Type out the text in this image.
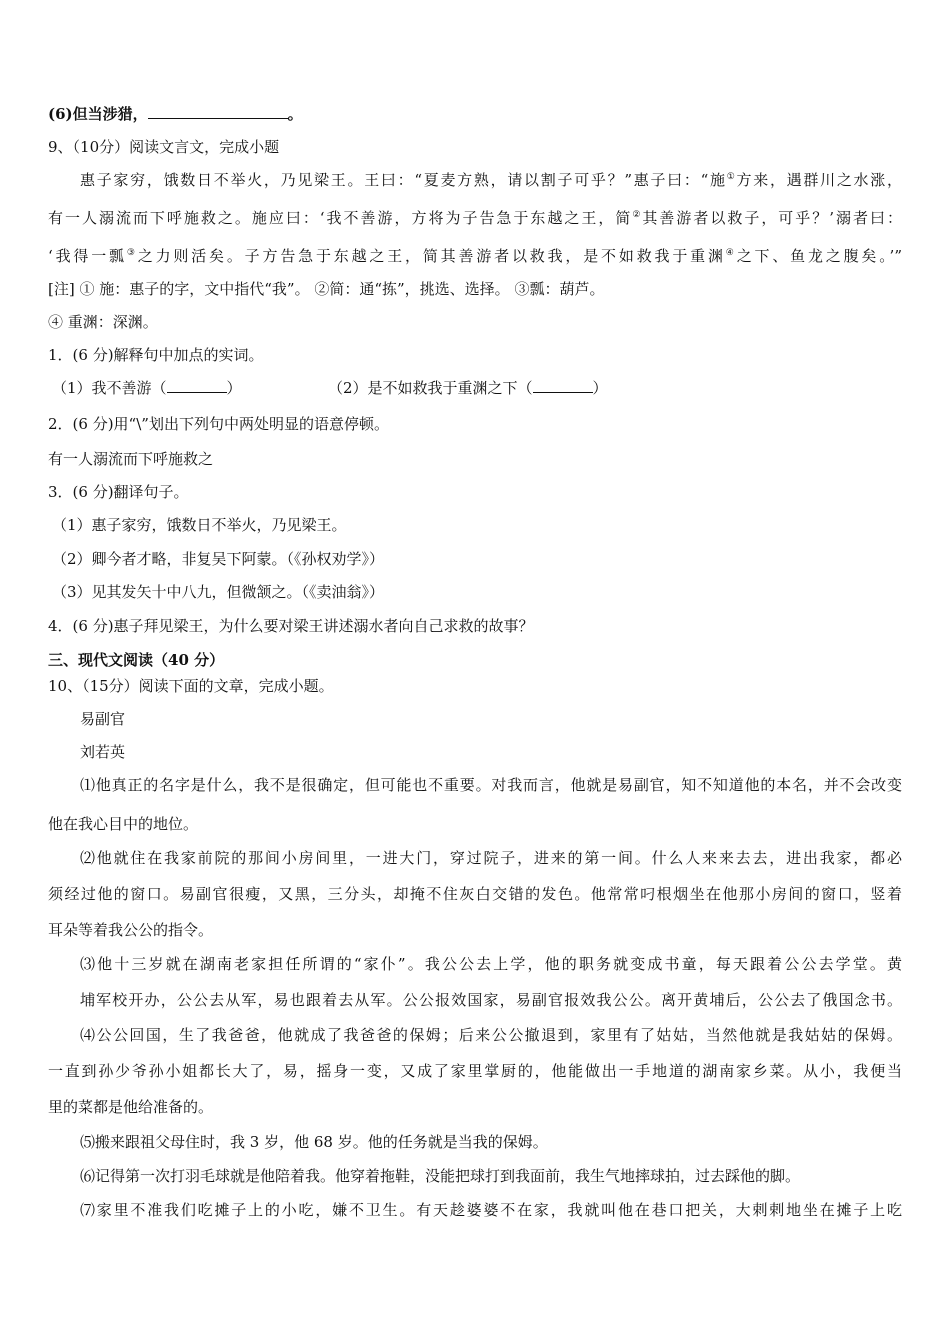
(6)但当涉猎，	。
9、（10分）阅读文言文，完成小题
惠子家穷，饿数日不举火，乃见梁王。王曰：“夏麦方熟，请以割子可乎？”惠子曰：“施①方来，遇群川之水涨，
有一人溺流而下呼施救之。施应曰：‘我不善游，方将为子告急于东越之王，简②其善游者以救子，可乎？’溺者曰：
‘我得一瓢③之力则活矣。子方告急于东越之王，简其善游者以救我，是不如救我于重渊④之下、鱼龙之腹矣。’”
[注] ① 施：惠子的字，文中指代“我”。 ②简：通“拣”，挑选、选择。 ③瓢：葫芦。
④ 重渊：深渊。
1．(6 分)解释句中加点的实词。
（1）我不善游（	）	（2）是不如救我于重渊之下（	）
2．(6 分)用“\”划出下列句中两处明显的语意停顿。
有一人溺流而下呼施救之
3．(6 分)翻译句子。
（1）惠子家穷，饿数日不举火，乃见梁王。
（2）卿今者才略，非复吴下阿蒙。（《孙权劝学》）
（3）见其发矢十中八九，但微颔之。（《卖油翁》）
4．(6 分)惠子拜见梁王，为什么要对梁王讲述溺水者向自己求救的故事？
三、现代文阅读（40 分）
10、（15分）阅读下面的文章，完成小题。
易副官
刘若英
⑴他真正的名字是什么，我不是很确定，但可能也不重要。对我而言，他就是易副官，知不知道他的本名，并不会改变
他在我心目中的地位。
⑵他就住在我家前院的那间小房间里，一进大门，穿过院子，进来的第一间。什么人来来去去，进出我家，都必
须经过他的窗口。易副官很瘦，又黑，三分头，却掩不住灰白交错的发色。他常常叼根烟坐在他那小房间的窗口，竖着
耳朵等着我公公的指令。
⑶他十三岁就在湖南老家担任所谓的“家仆”。我公公去上学，他的职务就变成书童，每天跟着公公去学堂。黄
埔军校开办，公公去从军，易也跟着去从军。公公报效国家，易副官报效我公公。离开黄埔后，公公去了俄国念书。
⑷公公回国，生了我爸爸，他就成了我爸爸的保姆；后来公公撤退到，家里有了姑姑，当然他就是我姑姑的保姆。
一直到孙少爷孙小姐都长大了，易，摇身一变，又成了家里掌厨的，他能做出一手地道的湖南家乡菜。从小，我便当
里的菜都是他给准备的。
⑸搬来跟祖父母住时，我 3 岁，他 68 岁。他的任务就是当我的保姆。
⑹记得第一次打羽毛球就是他陪着我。他穿着拖鞋，没能把球打到我面前，我生气地摔球拍，过去踩他的脚。
⑺家里不准我们吃摊子上的小吃，嫌不卫生。有天趁婆婆不在家，我就叫他在巷口把关，大剌剌地坐在摊子上吃
